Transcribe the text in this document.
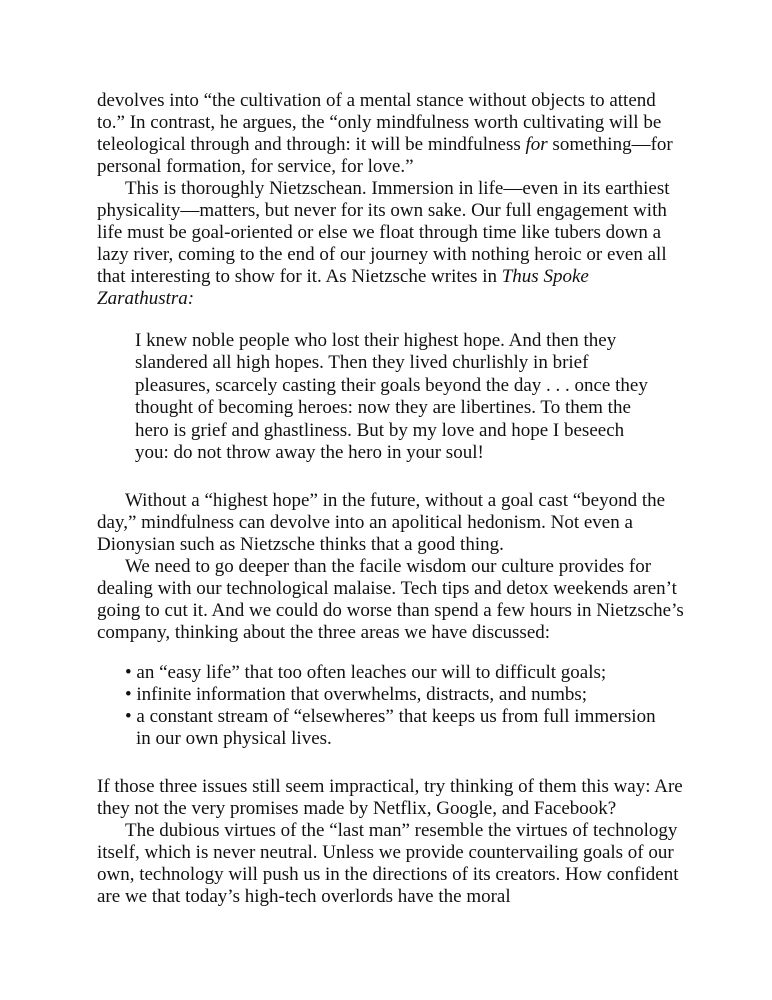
devolves into “the cultivation of a mental stance without objects to attend to.” In contrast, he argues, the “only mindfulness worth cultivating will be teleological through and through: it will be mindfulness for something—for personal formation, for service, for love.”

This is thoroughly Nietzschean. Immersion in life—even in its earthiest physicality—matters, but never for its own sake. Our full engagement with life must be goal-oriented or else we float through time like tubers down a lazy river, coming to the end of our journey with nothing heroic or even all that interesting to show for it. As Nietzsche writes in Thus Spoke Zarathustra:

I knew noble people who lost their highest hope. And then they slandered all high hopes. Then they lived churlishly in brief pleasures, scarcely casting their goals beyond the day . . . once they thought of becoming heroes: now they are libertines. To them the hero is grief and ghastliness. But by my love and hope I beseech you: do not throw away the hero in your soul!

Without a “highest hope” in the future, without a goal cast “beyond the day,” mindfulness can devolve into an apolitical hedonism. Not even a Dionysian such as Nietzsche thinks that a good thing.

We need to go deeper than the facile wisdom our culture provides for dealing with our technological malaise. Tech tips and detox weekends aren’t going to cut it. And we could do worse than spend a few hours in Nietzsche’s company, thinking about the three areas we have discussed:

• an “easy life” that too often leaches our will to difficult goals;
• infinite information that overwhelms, distracts, and numbs;
• a constant stream of “elsewheres” that keeps us from full immersion in our own physical lives.

If those three issues still seem impractical, try thinking of them this way: Are they not the very promises made by Netflix, Google, and Facebook?

The dubious virtues of the “last man” resemble the virtues of technology itself, which is never neutral. Unless we provide countervailing goals of our own, technology will push us in the directions of its creators. How confident are we that today’s high-tech overlords have the moral
